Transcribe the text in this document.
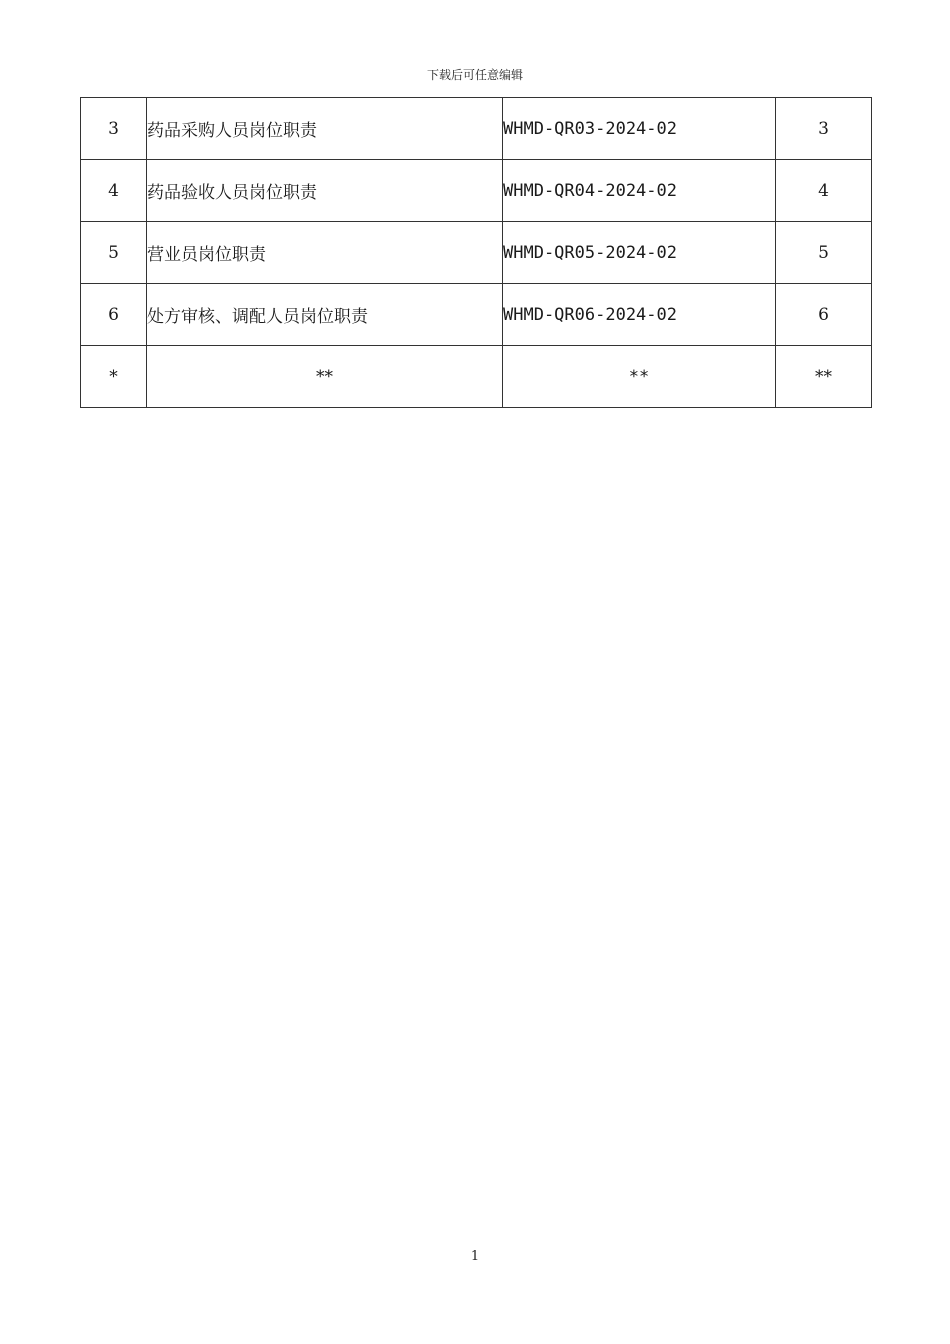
下载后可任意编辑
3	药品采购人员岗位职责	WHMD-QR03-2024-02	3
4	药品验收人员岗位职责	WHMD-QR04-2024-02	4
5	营业员岗位职责	WHMD-QR05-2024-02	5
6	处方审核、调配人员岗位职责	WHMD-QR06-2024-02	6
*	**	**	**
1
